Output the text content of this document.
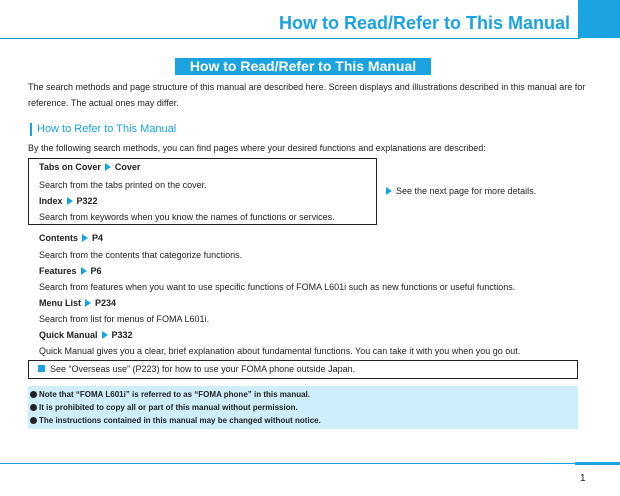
How to Read/Refer to This Manual
How to Read/Refer to This Manual
The search methods and page structure of this manual are described here. Screen displays and illustrations described in this manual are for reference. The actual ones may differ.
How to Refer to This Manual
By the following search methods, you can find pages where your desired functions and explanations are described:
Tabs on Cover Cover
Search from the tabs printed on the cover.
Index P322
Search from keywords when you know the names of functions or services.
See the next page for more details.
Contents P4
Search from the contents that categorize functions.
Features P6
Search from features when you want to use specific functions of FOMA L601i such as new functions or useful functions.
Menu List P234
Search from list for menus of FOMA L601i.
Quick Manual P332
Quick Manual gives you a clear, brief explanation about fundamental functions. You can take it with you when you go out.
See “Overseas use” (P223) for how to use your FOMA phone outside Japan.
Note that “FOMA L601i” is referred to as “FOMA phone” in this manual.
It is prohibited to copy all or part of this manual without permission.
The instructions contained in this manual may be changed without notice.
1
